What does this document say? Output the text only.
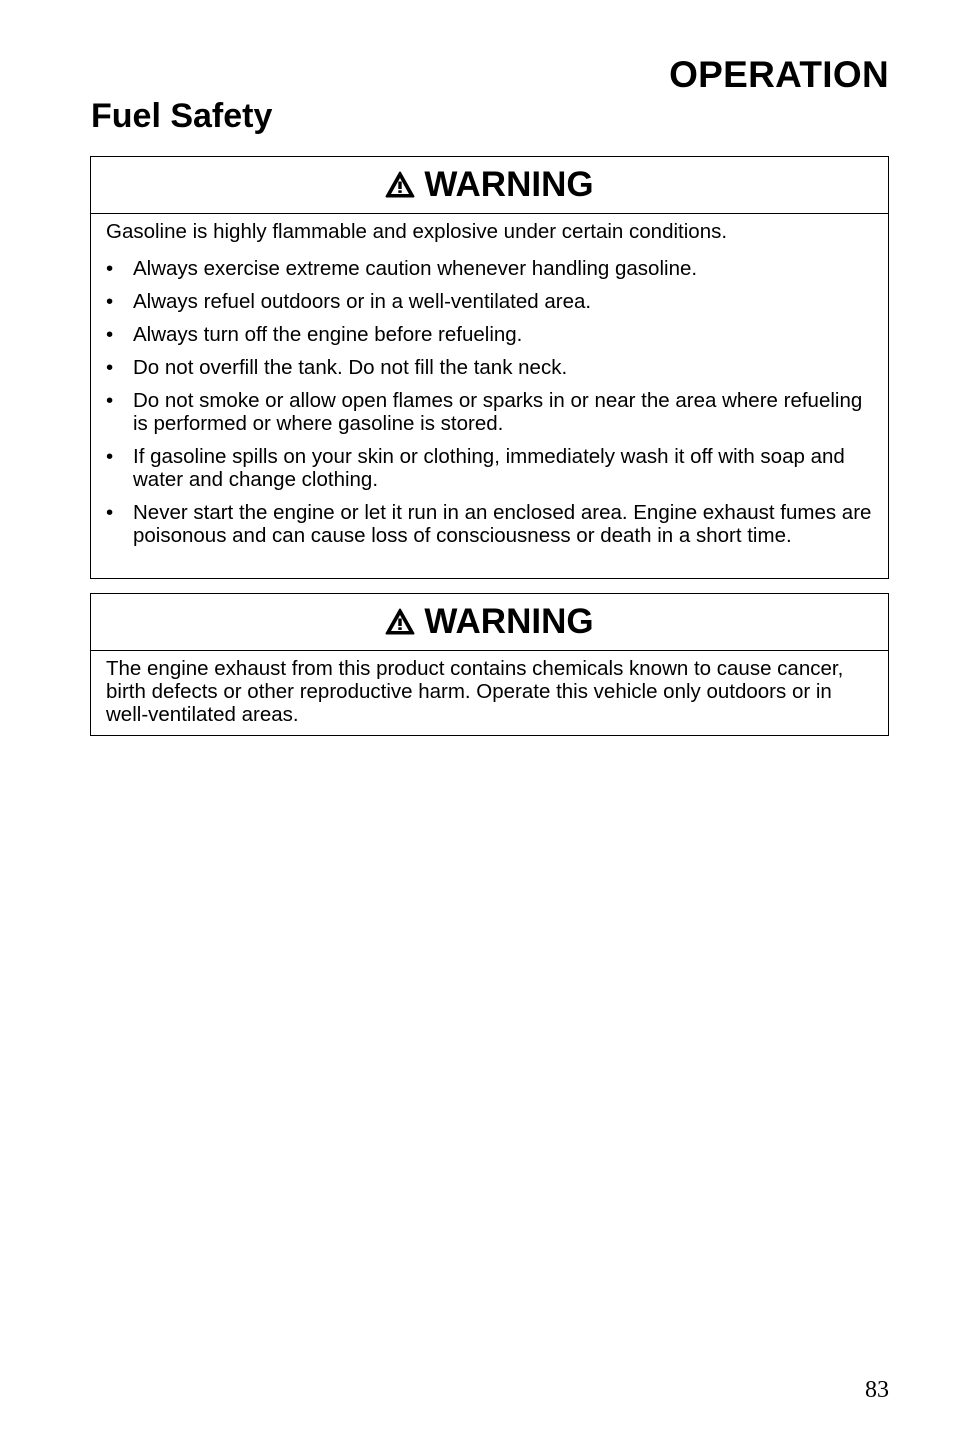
OPERATION
Fuel Safety
WARNING

Gasoline is highly flammable and explosive under certain conditions.

• Always exercise extreme caution whenever handling gasoline.
• Always refuel outdoors or in a well-ventilated area.
• Always turn off the engine before refueling.
• Do not overfill the tank. Do not fill the tank neck.
• Do not smoke or allow open flames or sparks in or near the area where refueling is performed or where gasoline is stored.
• If gasoline spills on your skin or clothing, immediately wash it off with soap and water and change clothing.
• Never start the engine or let it run in an enclosed area. Engine exhaust fumes are poisonous and can cause loss of consciousness or death in a short time.
WARNING

The engine exhaust from this product contains chemicals known to cause cancer, birth defects or other reproductive harm. Operate this vehicle only outdoors or in well-ventilated areas.

83
